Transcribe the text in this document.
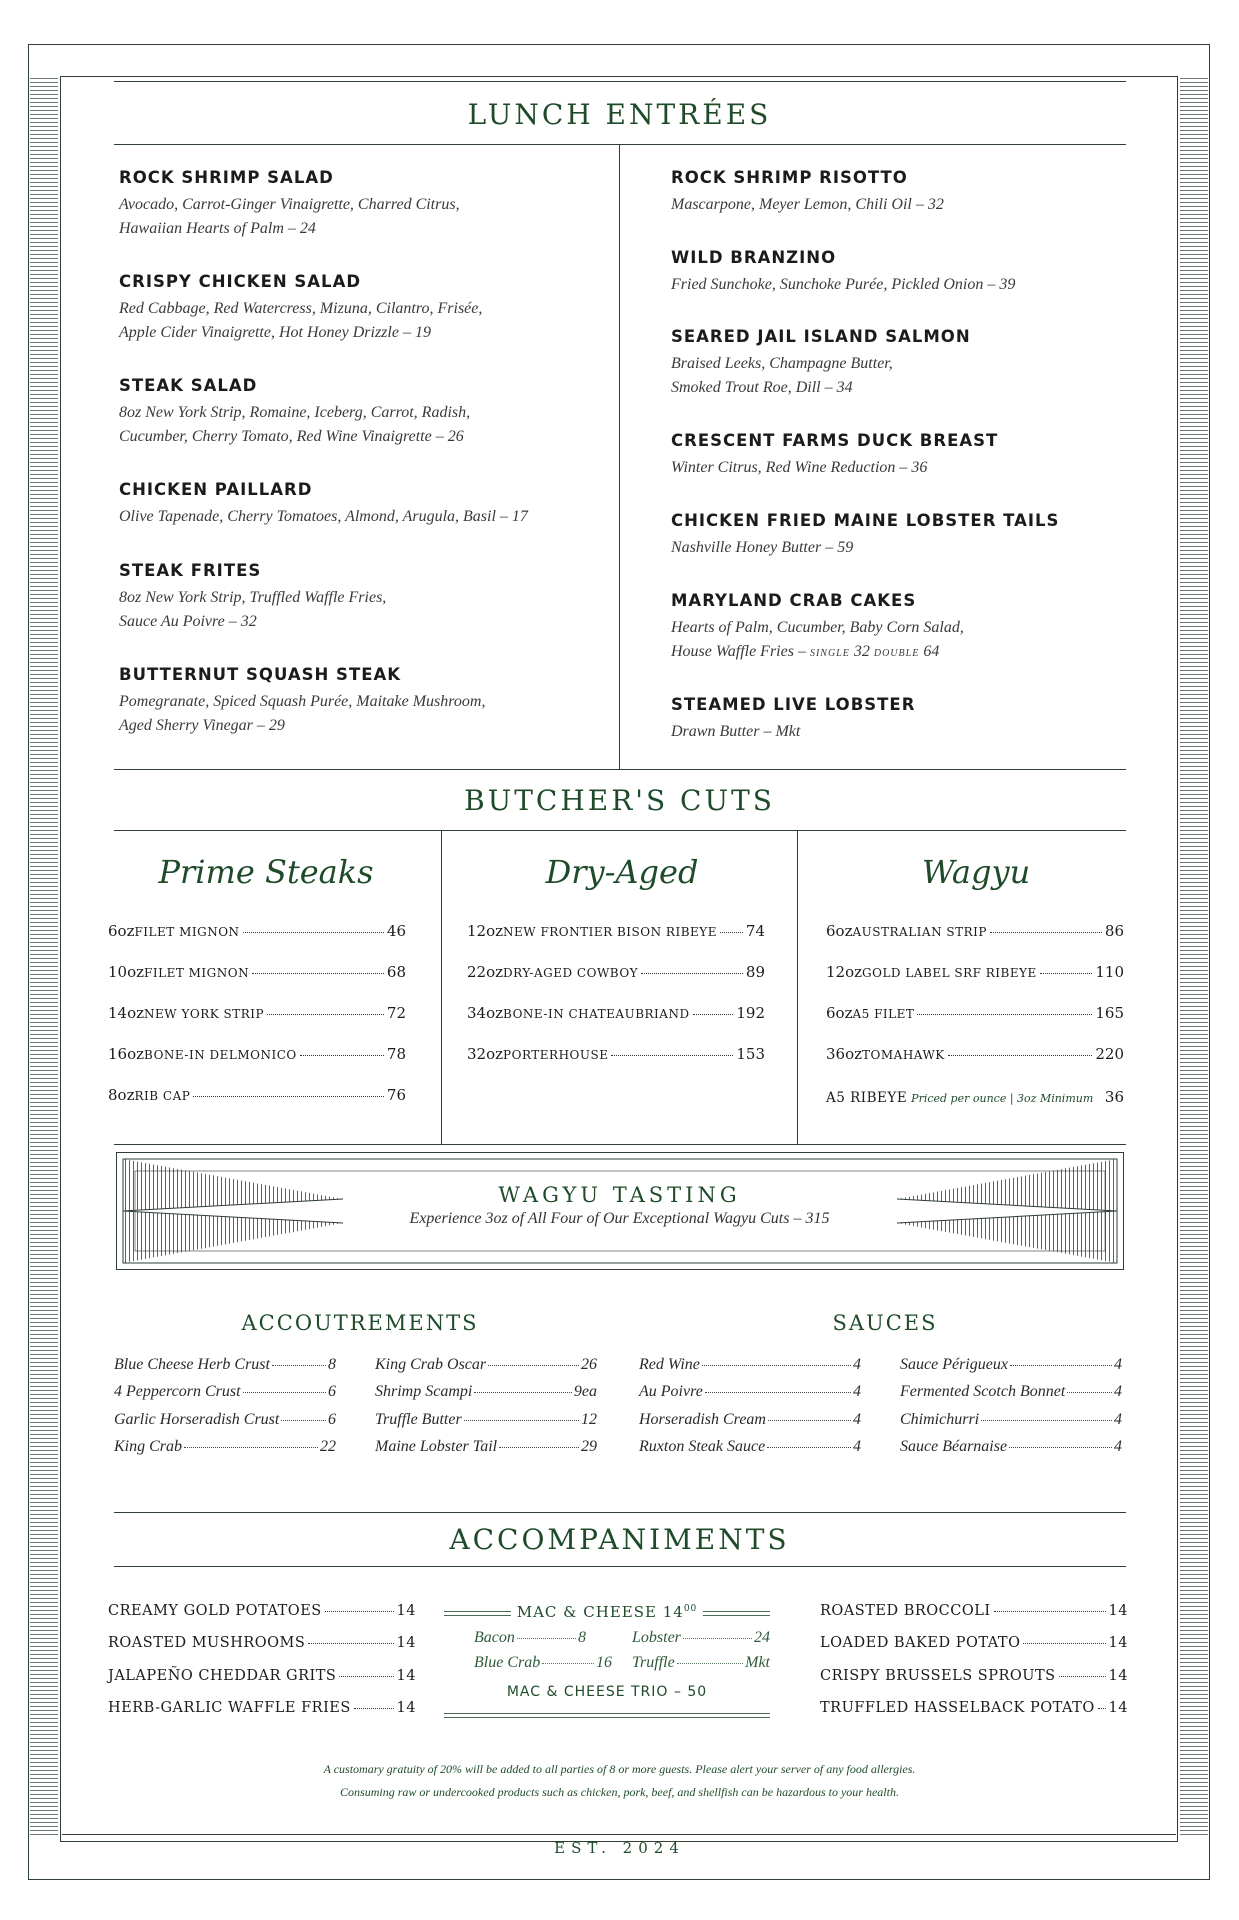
LUNCH ENTRÉES
ROCK SHRIMP SALAD
Avocado, Carrot-Ginger Vinaigrette, Charred Citrus,
Hawaiian Hearts of Palm – 24
CRISPY CHICKEN SALAD
Red Cabbage, Red Watercress, Mizuna, Cilantro, Frisée,
Apple Cider Vinaigrette, Hot Honey Drizzle – 19
STEAK SALAD
8oz New York Strip, Romaine, Iceberg, Carrot, Radish,
Cucumber, Cherry Tomato, Red Wine Vinaigrette – 26
CHICKEN PAILLARD
Olive Tapenade, Cherry Tomatoes, Almond, Arugula, Basil – 17
STEAK FRITES
8oz New York Strip, Truffled Waffle Fries,
Sauce Au Poivre – 32
BUTTERNUT SQUASH STEAK
Pomegranate, Spiced Squash Purée, Maitake Mushroom,
Aged Sherry Vinegar – 29
ROCK SHRIMP RISOTTO
Mascarpone, Meyer Lemon, Chili Oil – 32
WILD BRANZINO
Fried Sunchoke, Sunchoke Purée, Pickled Onion – 39
SEARED JAIL ISLAND SALMON
Braised Leeks, Champagne Butter,
Smoked Trout Roe, Dill – 34
CRESCENT FARMS DUCK BREAST
Winter Citrus, Red Wine Reduction – 36
CHICKEN FRIED MAINE LOBSTER TAILS
Nashville Honey Butter – 59
MARYLAND CRAB CAKES
Hearts of Palm, Cucumber, Baby Corn Salad,
House Waffle Fries – SINGLE 32 DOUBLE 64
STEAMED LIVE LOBSTER
Drawn Butter – Mkt
BUTCHER'S CUTS
Prime Steaks	Dry-Aged	Wagyu
6oz FILET MIGNON	46
10oz FILET MIGNON	68
14oz NEW YORK STRIP	72
16oz BONE-IN DELMONICO	78
8oz RIB CAP	76
12oz NEW FRONTIER BISON RIBEYE 74
22oz DRY-AGED COWBOY	89
34oz BONE-IN CHATEAUBRIAND	192
32oz PORTERHOUSE	153
6oz AUSTRALIAN STRIP	86
12oz GOLD LABEL SRF RIBEYE	110
6oz A5 FILET	165
36oz TOMAHAWK	220
A5 RIBEYE Priced per ounce | 3oz Minimum 36
WAGYU TASTING
Experience 3oz of All Four of Our Exceptional Wagyu Cuts – 315
ACCOUTREMENTS	SAUCES
Blue Cheese Herb Crust	8
4 Peppercorn Crust	6
Garlic Horseradish Crust	6
King Crab	22
King Crab Oscar	26
Shrimp Scampi	9ea
Truffle Butter	12
Maine Lobster Tail	29
Red Wine	4
Au Poivre	4
Horseradish Cream	4
Ruxton Steak Sauce	4
Sauce Périgueux	4
Fermented Scotch Bonnet	4
Chimichurri	4
Sauce Béarnaise	4
ACCOMPANIMENTS
CREAMY GOLD POTATOES	14
ROASTED MUSHROOMS	14
JALAPEÑO CHEDDAR GRITS	14
HERB-GARLIC WAFFLE FRIES	14
ROASTED BROCCOLI	14
LOADED BAKED POTATO	14
CRISPY BRUSSELS SPROUTS	14
TRUFFLED HASSELBACK POTATO 14
MAC & CHEESE $14^{00}$
Bacon	8	Lobster	24
Blue Crab	16 Truffle	Mkt
MAC & CHEESE TRIO – 50
A customary gratuity of 20% will be added to all parties of 8 or more guests. Please alert your server of any food allergies.
Consuming raw or undercooked products such as chicken, pork, beef, and shellfish can be hazardous to your health.
EST. 2024
